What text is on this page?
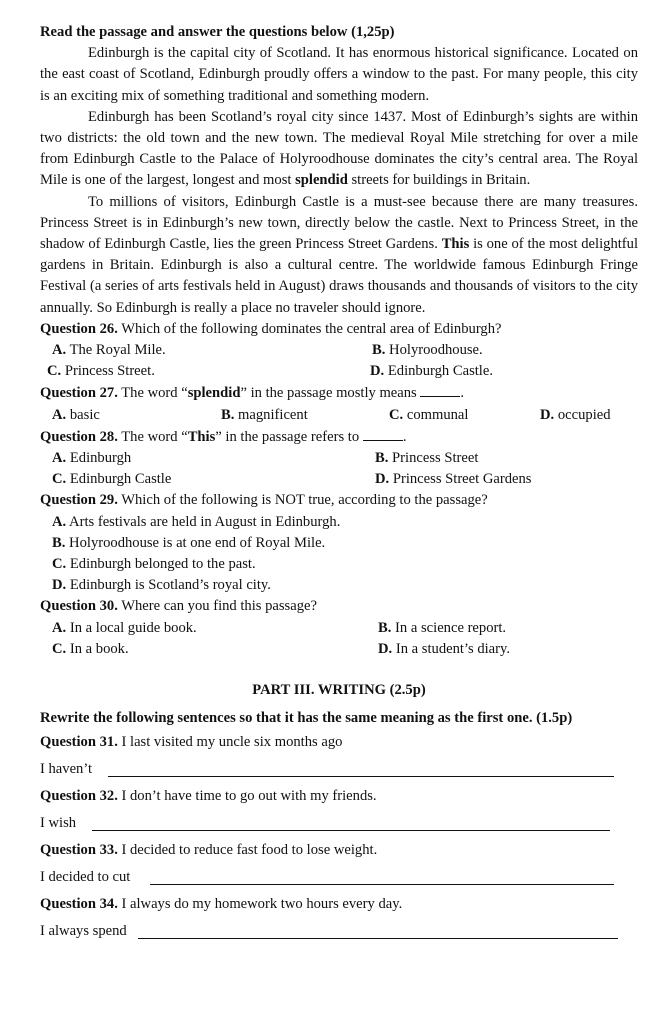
Read the passage and answer the questions below (1,25p)

Edinburgh is the capital city of Scotland. It has enormous historical significance. Located on the east coast of Scotland, Edinburgh proudly offers a window to the past. For many people, this city is an exciting mix of something traditional and something modern.

Edinburgh has been Scotland’s royal city since 1437. Most of Edinburgh’s sights are within two districts: the old town and the new town. The medieval Royal Mile stretching for over a mile from Edinburgh Castle to the Palace of Holyroodhouse dominates the city’s central area. The Royal Mile is one of the largest, longest and most splendid streets for buildings in Britain.

To millions of visitors, Edinburgh Castle is a must-see because there are many treasures. Princess Street is in Edinburgh’s new town, directly below the castle. Next to Princess Street, in the shadow of Edinburgh Castle, lies the green Princess Street Gardens. This is one of the most delightful gardens in Britain. Edinburgh is also a cultural centre. The worldwide famous Edinburgh Fringe Festival (a series of arts festivals held in August) draws thousands and thousands of visitors to the city annually. So Edinburgh is really a place no traveler should ignore.

Question 26. Which of the following dominates the central area of Edinburgh?
A. The Royal Mile.	B. Holyroodhouse.
C. Princess Street.	D. Edinburgh Castle.
Question 27. The word “splendid” in the passage mostly means	.
A. basic	B. magnificent	C. communal	D. occupied
Question 28. The word “This” in the passage refers to	.
A. Edinburgh	B. Princess Street
C. Edinburgh Castle	D. Princess Street Gardens
Question 29. Which of the following is NOT true, according to the passage?
A. Arts festivals are held in August in Edinburgh.
B. Holyroodhouse is at one end of Royal Mile.
C. Edinburgh belonged to the past.
D. Edinburgh is Scotland’s royal city.
Question 30. Where can you find this passage?
A. In a local guide book.	B. In a science report.
C. In a book.	D. In a student’s diary.
PART III. WRITING (2.5p)
Rewrite the following sentences so that it has the same meaning as the first one. (1.5p)
Question 31. I last visited my uncle six months ago
I haven’t
Question 32. I don’t have time to go out with my friends.
I wish
Question 33. I decided to reduce fast food to lose weight.
I decided to cut
Question 34. I always do my homework two hours every day.
I always spend
